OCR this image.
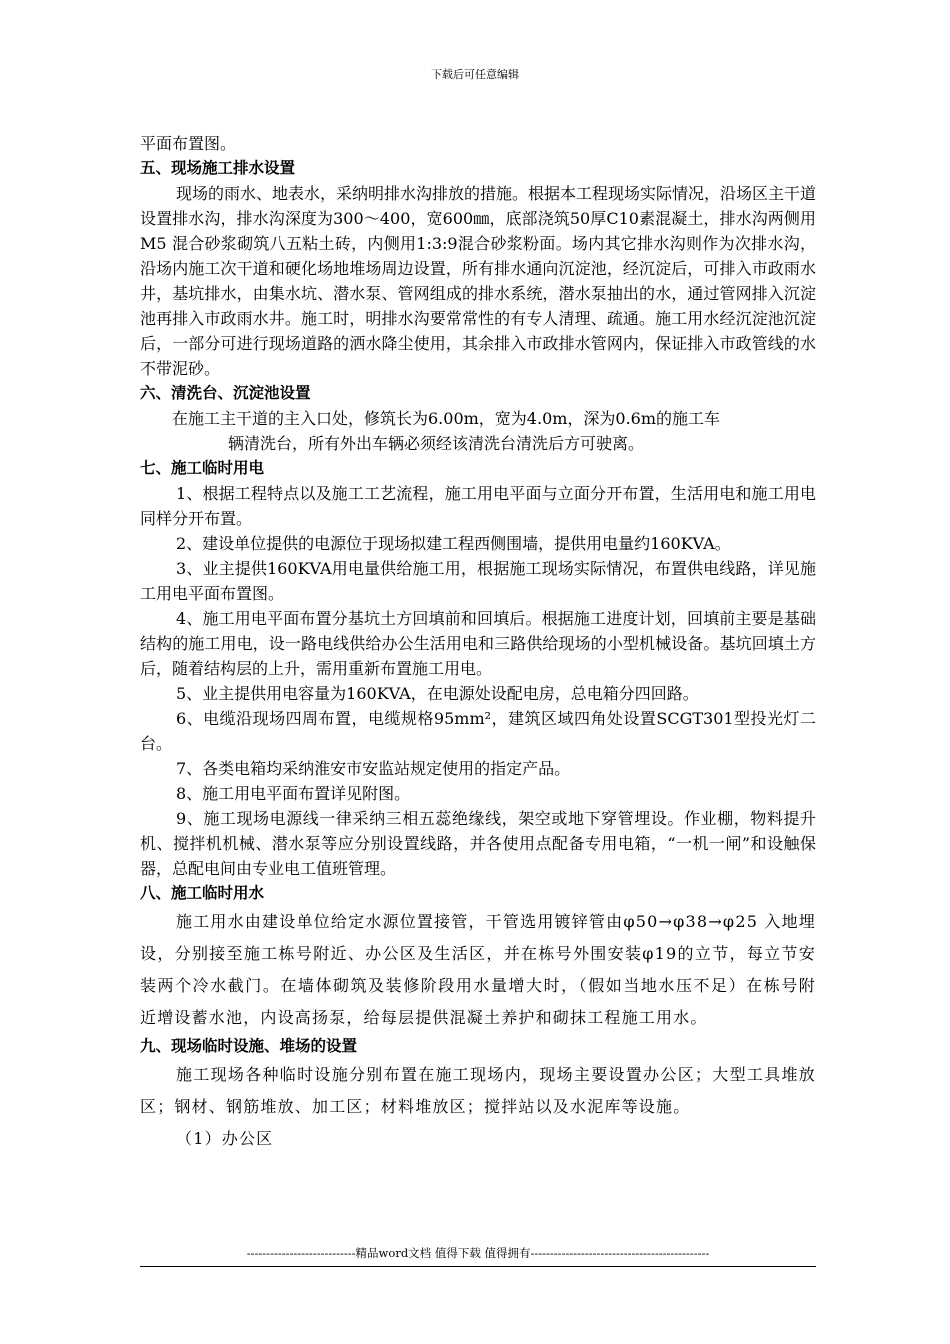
下载后可任意编辑

平面布置图。

五、现场施工排水设置

现场的雨水、地表水，采纳明排水沟排放的措施。根据本工程现场实际情况，沿场区主干道设置排水沟，排水沟深度为300～400，宽600㎜，底部浇筑50厚C10素混凝土，排水沟两侧用M5 混合砂浆砌筑八五粘土砖，内侧用1:3:9混合砂浆粉面。场内其它排水沟则作为次排水沟，沿场内施工次干道和硬化场地堆场周边设置，所有排水通向沉淀池，经沉淀后，可排入市政雨水井，基坑排水，由集水坑、潜水泵、管网组成的排水系统，潜水泵抽出的水，通过管网排入沉淀池再排入市政雨水井。施工时，明排水沟要常常性的有专人清理、疏通。施工用水经沉淀池沉淀后，一部分可进行现场道路的洒水降尘使用，其余排入市政排水管网内，保证排入市政管线的水不带泥砂。

六、清洗台、沉淀池设置

在施工主干道的主入口处，修筑长为6.00m，宽为4.0m，深为0.6m的施工车

辆清洗台，所有外出车辆必须经该清洗台清洗后方可驶离。

七、施工临时用电

1、根据工程特点以及施工工艺流程，施工用电平面与立面分开布置，生活用电和施工用电同样分开布置。

2、建设单位提供的电源位于现场拟建工程西侧围墙，提供用电量约160KVA。

3、业主提供160KVA用电量供给施工用，根据施工现场实际情况，布置供电线路，详见施工用电平面布置图。

4、施工用电平面布置分基坑土方回填前和回填后。根据施工进度计划，回填前主要是基础结构的施工用电，设一路电线供给办公生活用电和三路供给现场的小型机械设备。基坑回填土方后，随着结构层的上升，需用重新布置施工用电。

5、业主提供用电容量为160KVA，在电源处设配电房，总电箱分四回路。

6、电缆沿现场四周布置，电缆规格95mm²，建筑区域四角处设置SCGT301型投光灯二台。

7、各类电箱均采纳淮安市安监站规定使用的指定产品。

8、施工用电平面布置详见附图。

9、施工现场电源线一律采纳三相五蕊绝缘线，架空或地下穿管埋设。作业棚，物料提升机、搅拌机机械、潜水泵等应分别设置线路，并各使用点配备专用电箱，“一机一闸”和设触保器，总配电间由专业电工值班管理。

八、施工临时用水

施工用水由建设单位给定水源位置接管，干管选用镀锌管由φ50→φ38→φ25 入地埋设，分别接至施工栋号附近、办公区及生活区，并在栋号外围安装φ19的立节，每立节安装两个冷水截门。在墙体砌筑及装修阶段用水量增大时，（假如当地水压不足）在栋号附近增设蓄水池，内设高扬泵，给每层提供混凝土养护和砌抹工程施工用水。

九、现场临时设施、堆场的设置

施工现场各种临时设施分别布置在施工现场内，现场主要设置办公区；大型工具堆放区；钢材、钢筋堆放、加工区；材料堆放区；搅拌站以及水泥库等设施。

（1）办公区

----------------------------精品word文档 值得下载 值得拥有----------------------------------------------
